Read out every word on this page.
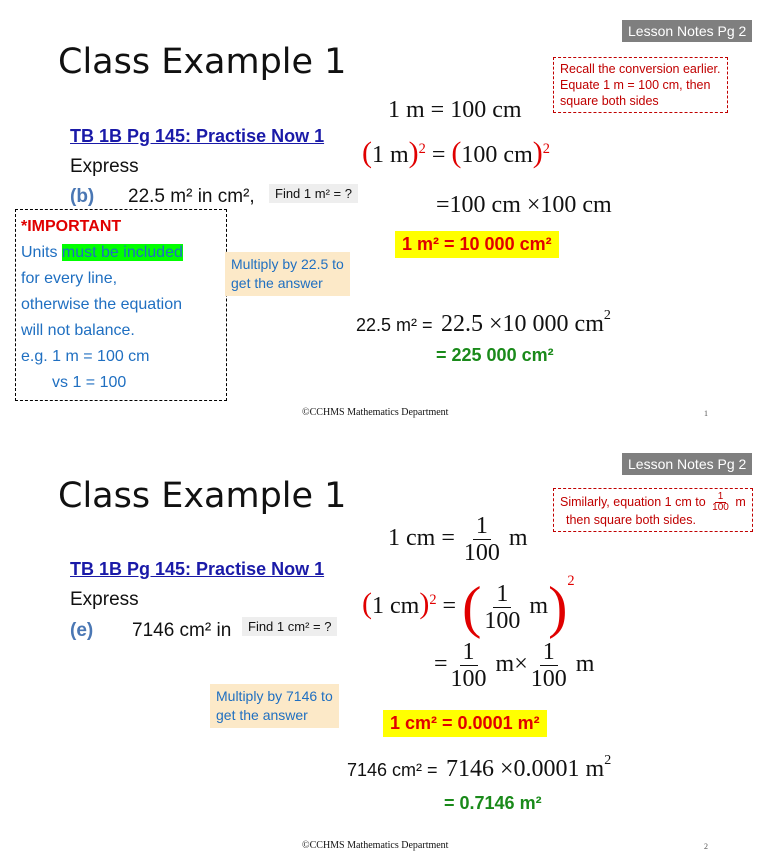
Lesson Notes Pg 2
Class Example 1	Recall the conversion earlier.
Equate 1 m = 100 cm, then
square both sides
1 m = 100 cm
TB 1B Pg 145: Practise Now 1 (1 m)$^2$ = (100 cm)$^2$
Express
(b) 22.5 m² in cm²,	Find 1 m² = ?	=100 cm ×100 cm
*IMPORTANT
Units must be included
for every line,
otherwise the equation
will not balance.
e.g. 1 m = 100 cm
vs 1 = 100
1 m² = 10 000 cm²
Multiply by 22.5 to
get the answer
22.5 m² = 22.5 ×10 000 $cm^2$
= 225 000 cm²
©CCHMS Mathematics Department	1
Lesson Notes Pg 2
Class Example 1	Similarly, equation 1 cm to $\frac{1}{100}$ m
then square both sides.
1 cm = $\frac{1}{100}$ m
TB 1B Pg 145: Practise Now 1
(1 cm)$^2$ = ( $\frac{1}{100} m)^2$
Express
(e) 7146 cm² in	Find 1 cm² = ?
= $\frac{1}{100} m\times \frac{1}{100}$ m
Multiply by 7146 to
get the answer	1 cm² = 0.0001 m²
7146 cm² = 7146 ×0.0001 $m^2$
= 0.7146 m²
©CCHMS Mathematics Department	2
